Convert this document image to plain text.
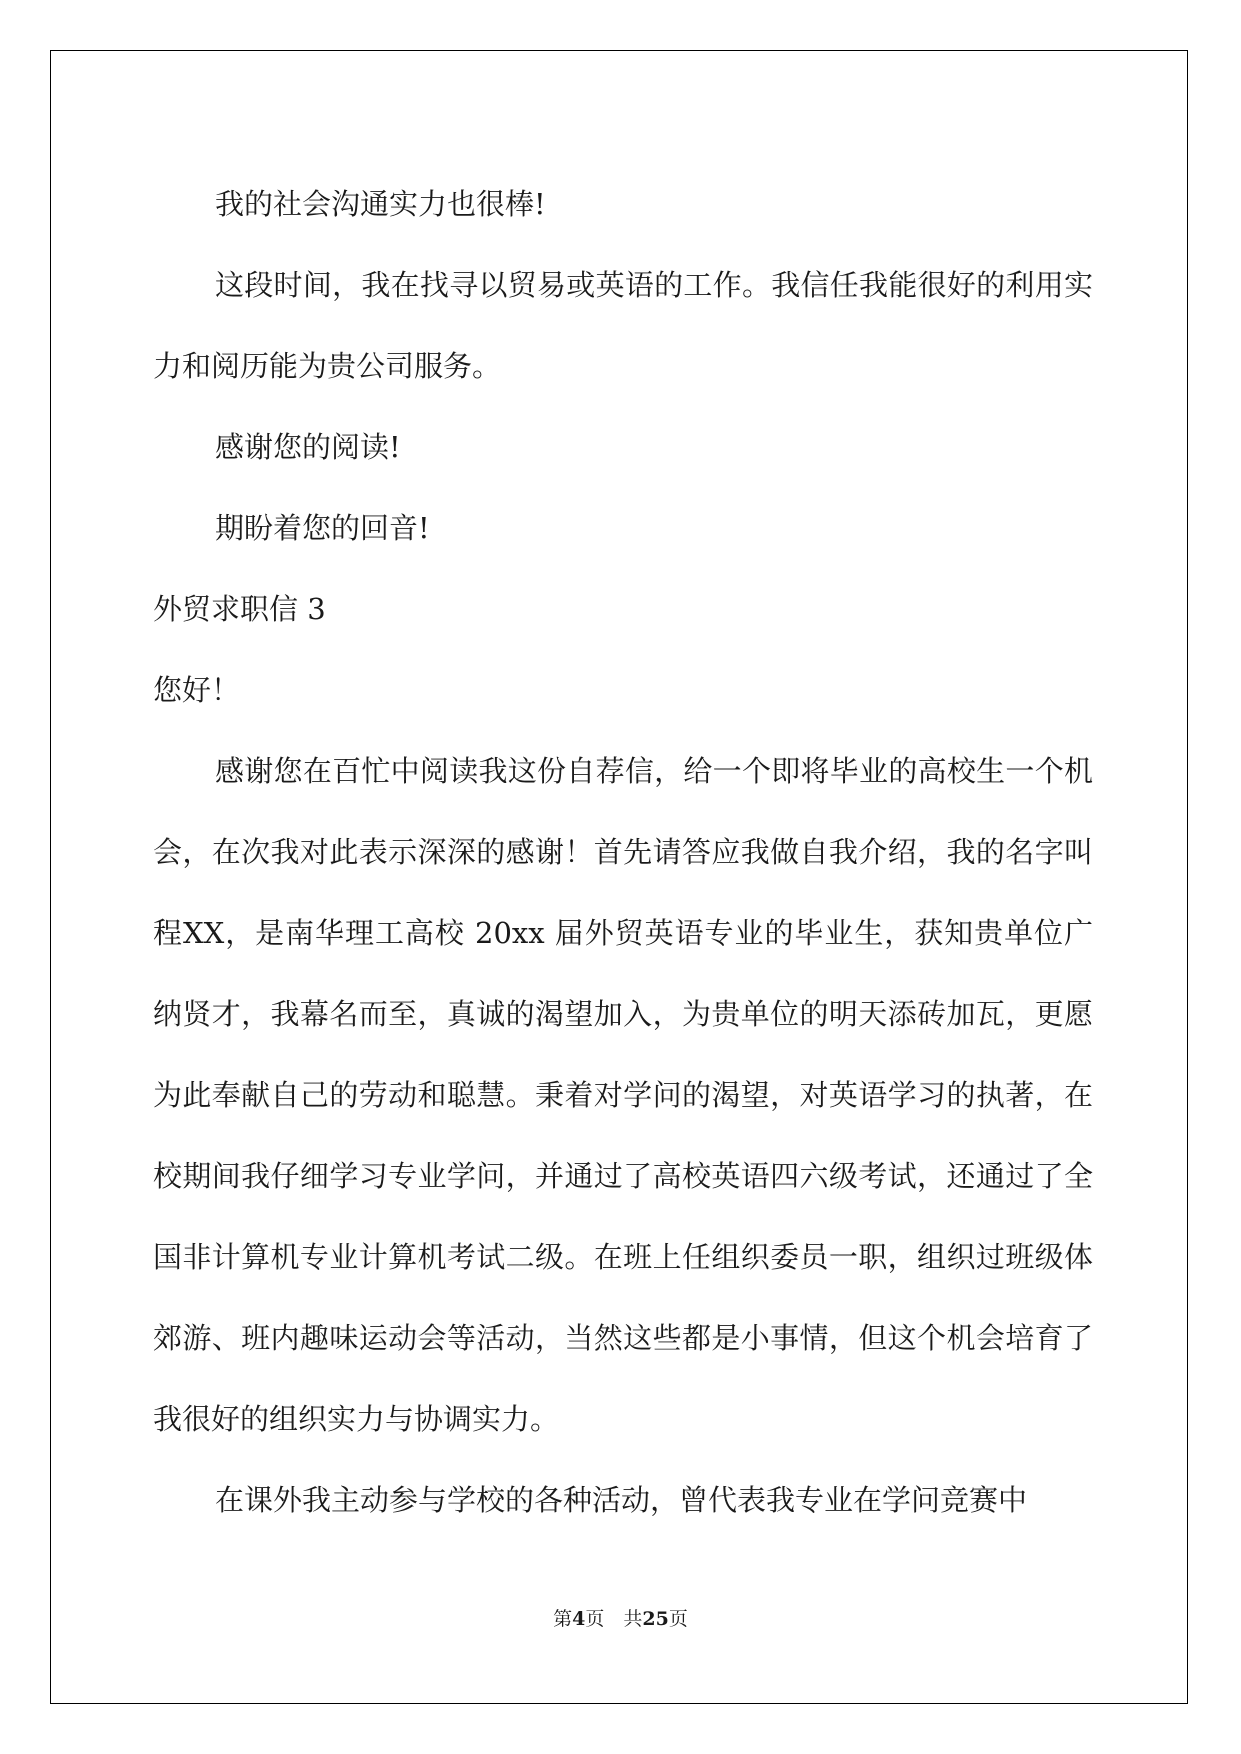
我的社会沟通实力也很棒!

这段时间，我在找寻以贸易或英语的工作。我信任我能很好的利用实力和阅历能为贵公司服务。

感谢您的阅读!

期盼着您的回音!

外贸求职信 3

您好！

感谢您在百忙中阅读我这份自荐信，给一个即将毕业的高校生一个机会，在次我对此表示深深的感谢！首先请答应我做自我介绍，我的名字叫程XX，是南华理工高校 20xx 届外贸英语专业的毕业生，获知贵单位广纳贤才，我幕名而至，真诚的渴望加入，为贵单位的明天添砖加瓦，更愿为此奉献自己的劳动和聪慧。秉着对学问的渴望，对英语学习的执著，在校期间我仔细学习专业学问，并通过了高校英语四六级考试，还通过了全国非计算机专业计算机考试二级。在班上任组织委员一职，组织过班级体郊游、班内趣味运动会等活动，当然这些都是小事情，但这个机会培育了我很好的组织实力与协调实力。

在课外我主动参与学校的各种活动，曾代表我专业在学问竞赛中

第4页　共25页
